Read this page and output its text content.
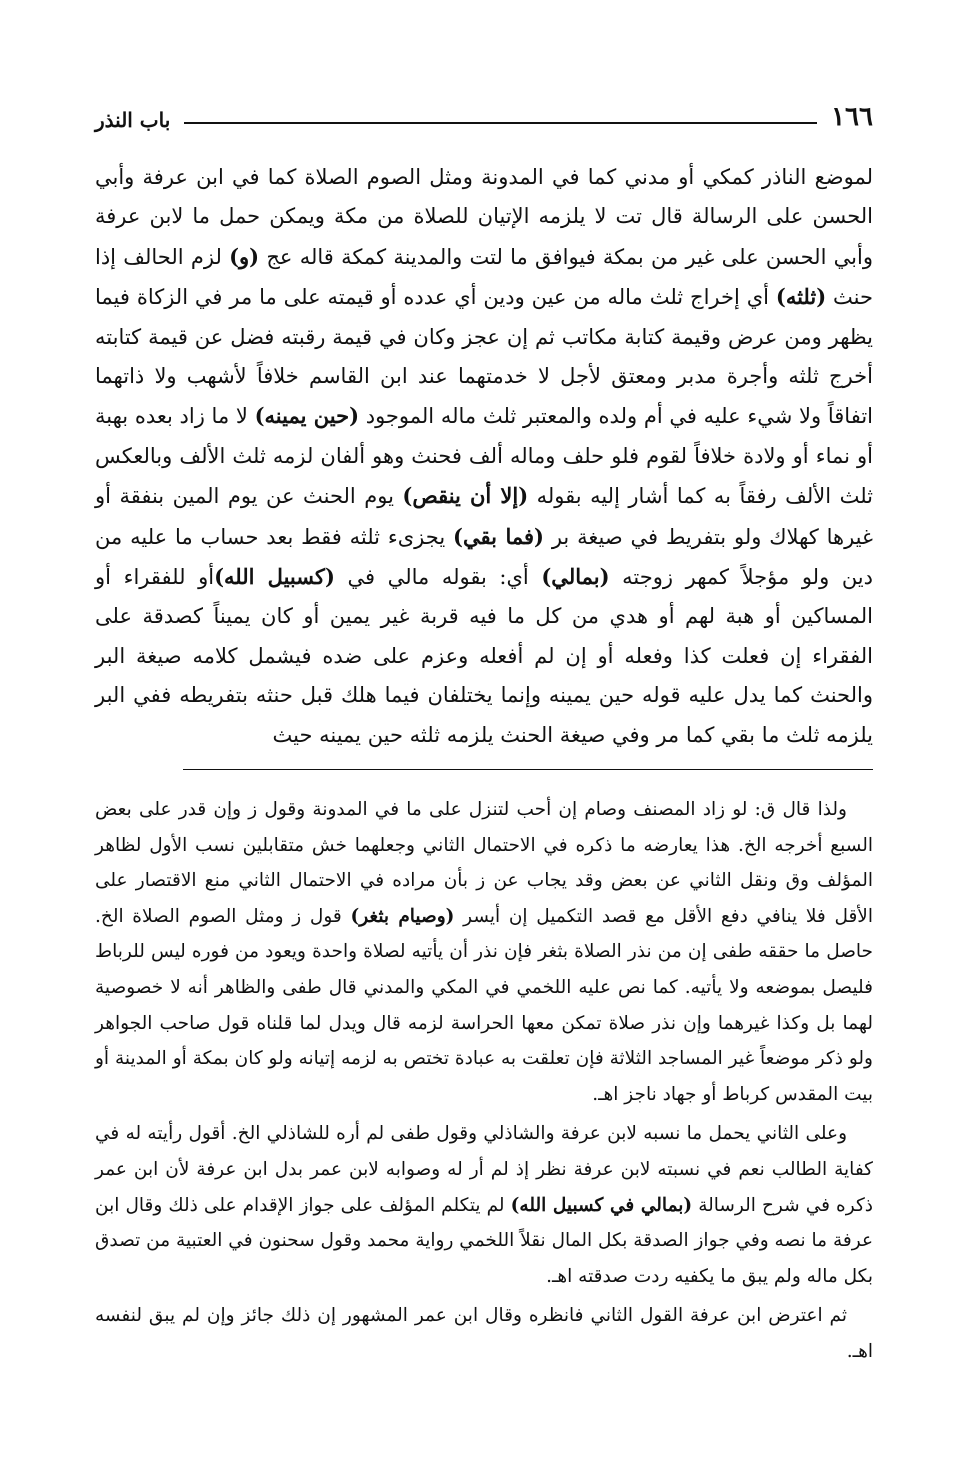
١٦٦
باب النذر

لموضع الناذر كمكي أو مدني كما في المدونة ومثل الصوم الصلاة كما في ابن عرفة وأبي الحسن على الرسالة قال تت لا يلزمه الإتيان للصلاة من مكة ويمكن حمل ما لابن عرفة وأبي الحسن على غير من بمكة فيوافق ما لتت والمدينة كمكة قاله عج (و) لزم الحالف إذا حنث (ثلثه) أي إخراج ثلث ماله من عين ودين أي عدده أو قيمته على ما مر في الزكاة فيما يظهر ومن عرض وقيمة كتابة مكاتب ثم إن عجز وكان في قيمة رقبته فضل عن قيمة كتابته أخرج ثلثه وأجرة مدبر ومعتق لأجل لا خدمتهما عند ابن القاسم خلافاً لأشهب ولا ذاتهما اتفاقاً ولا شيء عليه في أم ولده والمعتبر ثلث ماله الموجود (حين يمينه) لا ما زاد بعده بهبة أو نماء أو ولادة خلافاً لقوم فلو حلف وماله ألف فحنث وهو ألفان لزمه ثلث الألف وبالعكس ثلث الألف رفقاً به كما أشار إليه بقوله (إلا أن ينقص) يوم الحنث عن يوم المين بنفقة أو غيرها كهلاك ولو بتفريط في صيغة بر (فما بقي) يجزىء ثلثه فقط بعد حساب ما عليه من دين ولو مؤجلاً كمهر زوجته (بمالي) أي: بقوله مالي في (كسبيل الله)أو للفقراء أو المساكين أو هبة لهم أو هدي من كل ما فيه قربة غير يمين أو كان يميناً كصدقة على الفقراء إن فعلت كذا وفعله أو إن لم أفعله وعزم على ضده فيشمل كلامه صيغة البر والحنث كما يدل عليه قوله حين يمينه وإنما يختلفان فيما هلك قبل حنثه بتفريطه ففي البر يلزمه ثلث ما بقي كما مر وفي صيغة الحنث يلزمه ثلثه حين يمينه حيث

ولذا قال ق: لو زاد المصنف وصام إن أحب لتنزل على ما في المدونة وقول ز وإن قدر على بعض السبع أخرجه الخ. هذا يعارضه ما ذكره في الاحتمال الثاني وجعلهما خش متقابلين نسب الأول لظاهر المؤلف وق ونقل الثاني عن بعض وقد يجاب عن ز بأن مراده في الاحتمال الثاني منع الاقتصار على الأقل فلا ينافي دفع الأقل مع قصد التكميل إن أيسر (وصيام بثغر) قول ز ومثل الصوم الصلاة الخ. حاصل ما حققه طفى إن من نذر الصلاة بثغر فإن نذر أن يأتيه لصلاة واحدة ويعود من فوره ليس للرباط فليصل بموضعه ولا يأتيه. كما نص عليه اللخمي في المكي والمدني قال طفى والظاهر أنه لا خصوصية لهما بل وكذا غيرهما وإن نذر صلاة تمكن معها الحراسة لزمه قال ويدل لما قلناه قول صاحب الجواهر ولو ذكر موضعاً غير المساجد الثلاثة فإن تعلقت به عبادة تختص به لزمه إتيانه ولو كان بمكة أو المدينة أو بيت المقدس كرباط أو جهاد ناجز اهـ.

وعلى الثاني يحمل ما نسبه لابن عرفة والشاذلي وقول طفى لم أره للشاذلي الخ. أقول رأيته له في كفاية الطالب نعم في نسبته لابن عرفة نظر إذ لم أر له وصوابه لابن عمر بدل ابن عرفة لأن ابن عمر ذكره في شرح الرسالة (بمالي في كسبيل الله) لم يتكلم المؤلف على جواز الإقدام على ذلك وقال ابن عرفة ما نصه وفي جواز الصدقة بكل المال نقلاً اللخمي رواية محمد وقول سحنون في العتبية من تصدق بكل ماله ولم يبق ما يكفيه ردت صدقته اهـ.

ثم اعترض ابن عرفة القول الثاني فانظره وقال ابن عمر المشهور إن ذلك جائز وإن لم يبق لنفسه اهـ.
